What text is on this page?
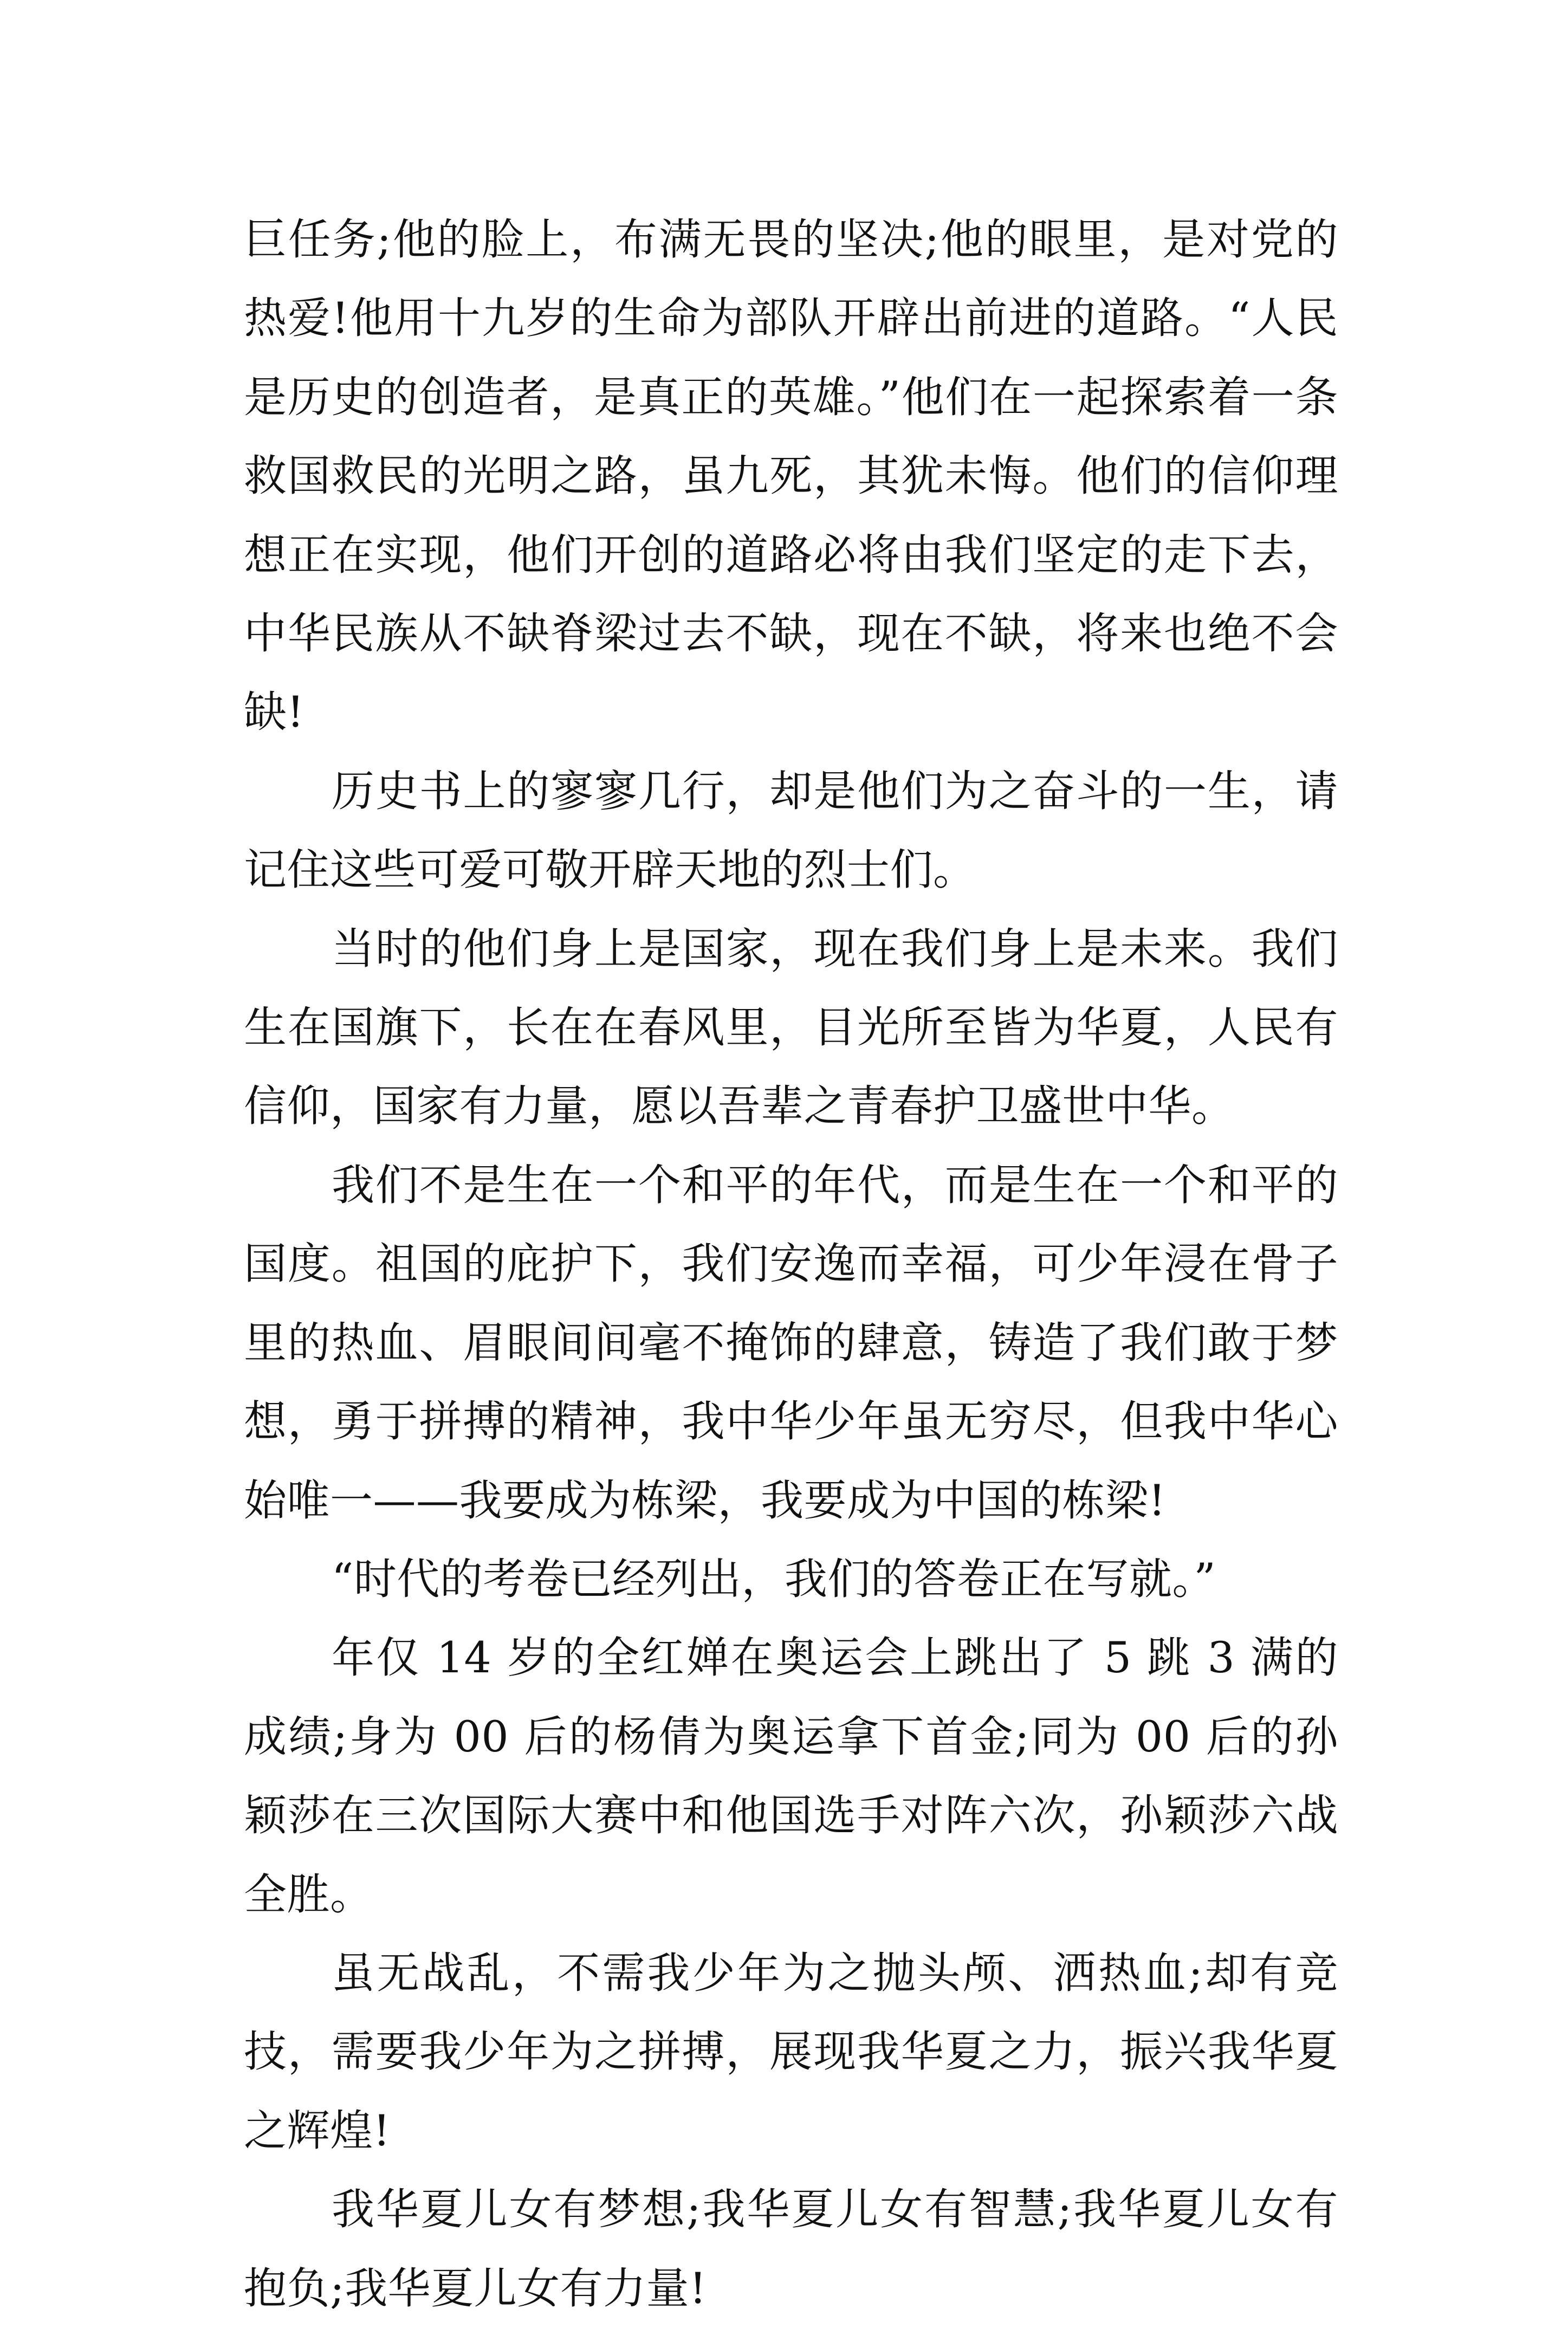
巨任务;他的脸上，布满无畏的坚决;他的眼里，是对党的热爱!他用十九岁的生命为部队开辟出前进的道路。“人民是历史的创造者，是真正的英雄。”他们在一起探索着一条救国救民的光明之路，虽九死，其犹未悔。他们的信仰理想正在实现，他们开创的道路必将由我们坚定的走下去，中华民族从不缺脊梁过去不缺，现在不缺，将来也绝不会缺!

历史书上的寥寥几行，却是他们为之奋斗的一生，请记住这些可爱可敬开辟天地的烈士们。

当时的他们身上是国家，现在我们身上是未来。我们生在国旗下，长在在春风里，目光所至皆为华夏，人民有信仰，国家有力量，愿以吾辈之青春护卫盛世中华。

我们不是生在一个和平的年代，而是生在一个和平的国度。祖国的庇护下，我们安逸而幸福，可少年浸在骨子里的热血、眉眼间间毫不掩饰的肆意，铸造了我们敢于梦想，勇于拼搏的精神，我中华少年虽无穷尽，但我中华心始唯一——我要成为栋梁，我要成为中国的栋梁!

“时代的考卷已经列出，我们的答卷正在写就。”

年仅 14 岁的全红婵在奥运会上跳出了 5 跳 3 满的成绩;身为 00 后的杨倩为奥运拿下首金;同为 00 后的孙颖莎在三次国际大赛中和他国选手对阵六次，孙颖莎六战全胜。

虽无战乱，不需我少年为之抛头颅、洒热血;却有竞技，需要我少年为之拼搏，展现我华夏之力，振兴我华夏之辉煌!

我华夏儿女有梦想;我华夏儿女有智慧;我华夏儿女有抱负;我华夏儿女有力量!
